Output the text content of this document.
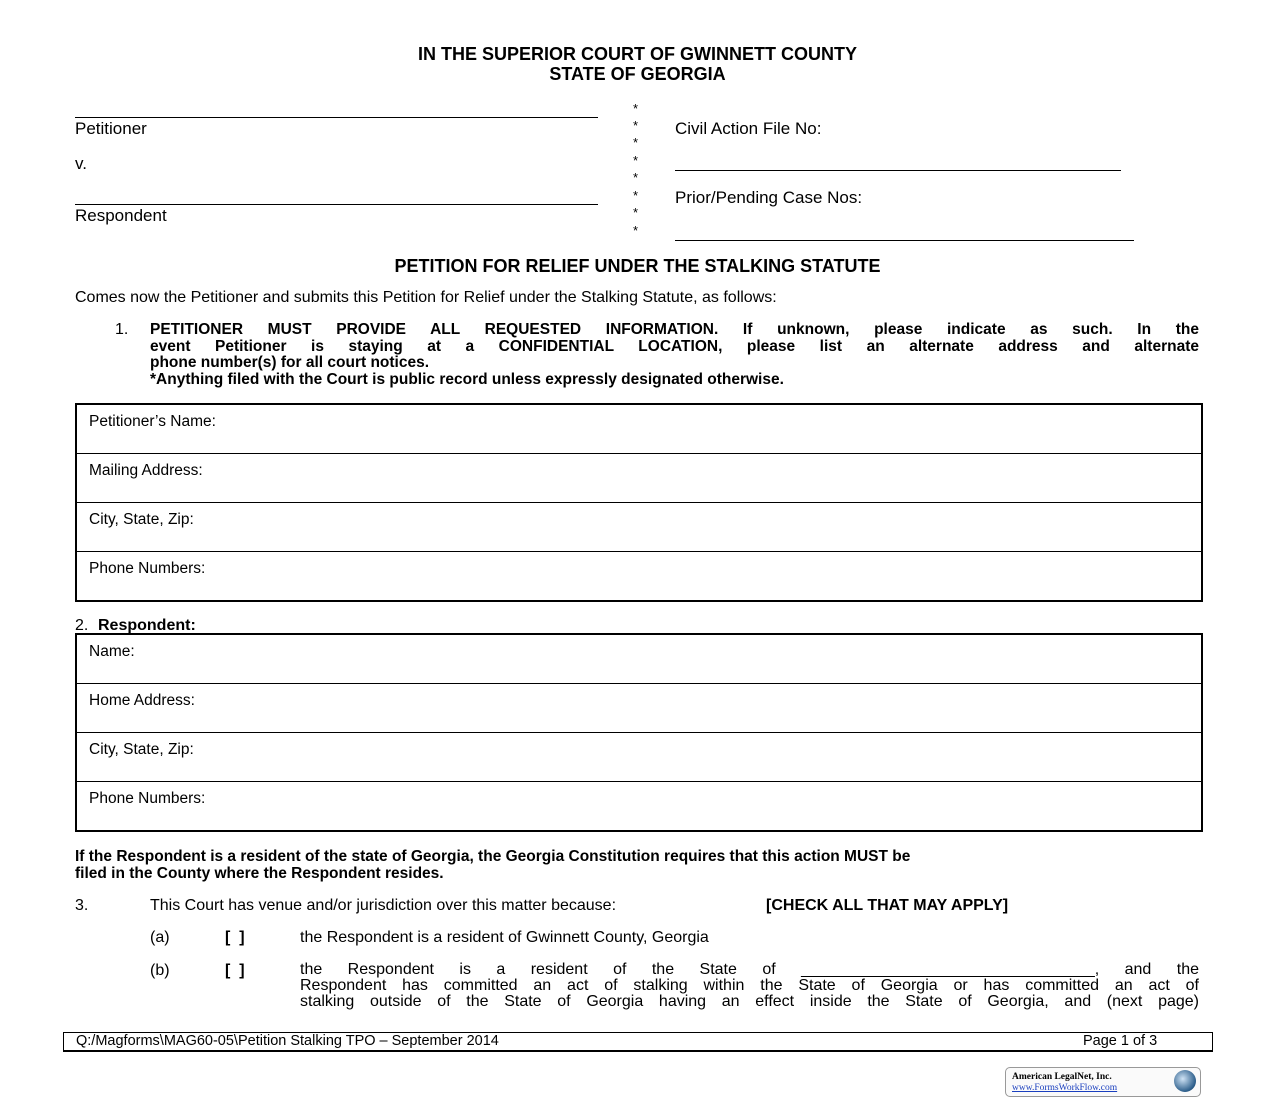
IN THE SUPERIOR COURT OF GWINNETT COUNTY
STATE OF GEORGIA
Petitioner
v.
Respondent
*
*
*
*
*
*
*
*
Civil Action File No:
Prior/Pending Case Nos:
PETITION FOR RELIEF UNDER THE STALKING STATUTE
Comes now the Petitioner and submits this Petition for Relief under the Stalking Statute, as follows:
1. PETITIONER MUST PROVIDE ALL REQUESTED INFORMATION. If unknown, please indicate as such. In the
event Petitioner is staying at a CONFIDENTIAL LOCATION, please list an alternate address and alternate
phone number(s) for all court notices.
*Anything filed with the Court is public record unless expressly designated otherwise.
Petitioner’s Name:
Mailing Address:
City, State, Zip:
Phone Numbers:
2. Respondent:
Name:
Home Address:
City, State, Zip:
Phone Numbers:
If the Respondent is a resident of the state of Georgia, the Georgia Constitution requires that this action MUST be
filed in the County where the Respondent resides.
3.	This Court has venue and/or jurisdiction over this matter because:	[CHECK ALL THAT MAY APPLY]
(a)	[  ]	the Respondent is a resident of Gwinnett County, Georgia
(b)	[  ]	the Respondent is a resident of the State of _________________________________, and the
Respondent has committed an act of stalking within the State of Georgia or has committed an act of
stalking outside of the State of Georgia having an effect inside the State of Georgia, and (next page)
Q:/Magforms\MAG60-05\Petition Stalking TPO – September 2014	Page 1 of 3
American LegalNet, Inc.
www.FormsWorkFlow.com
